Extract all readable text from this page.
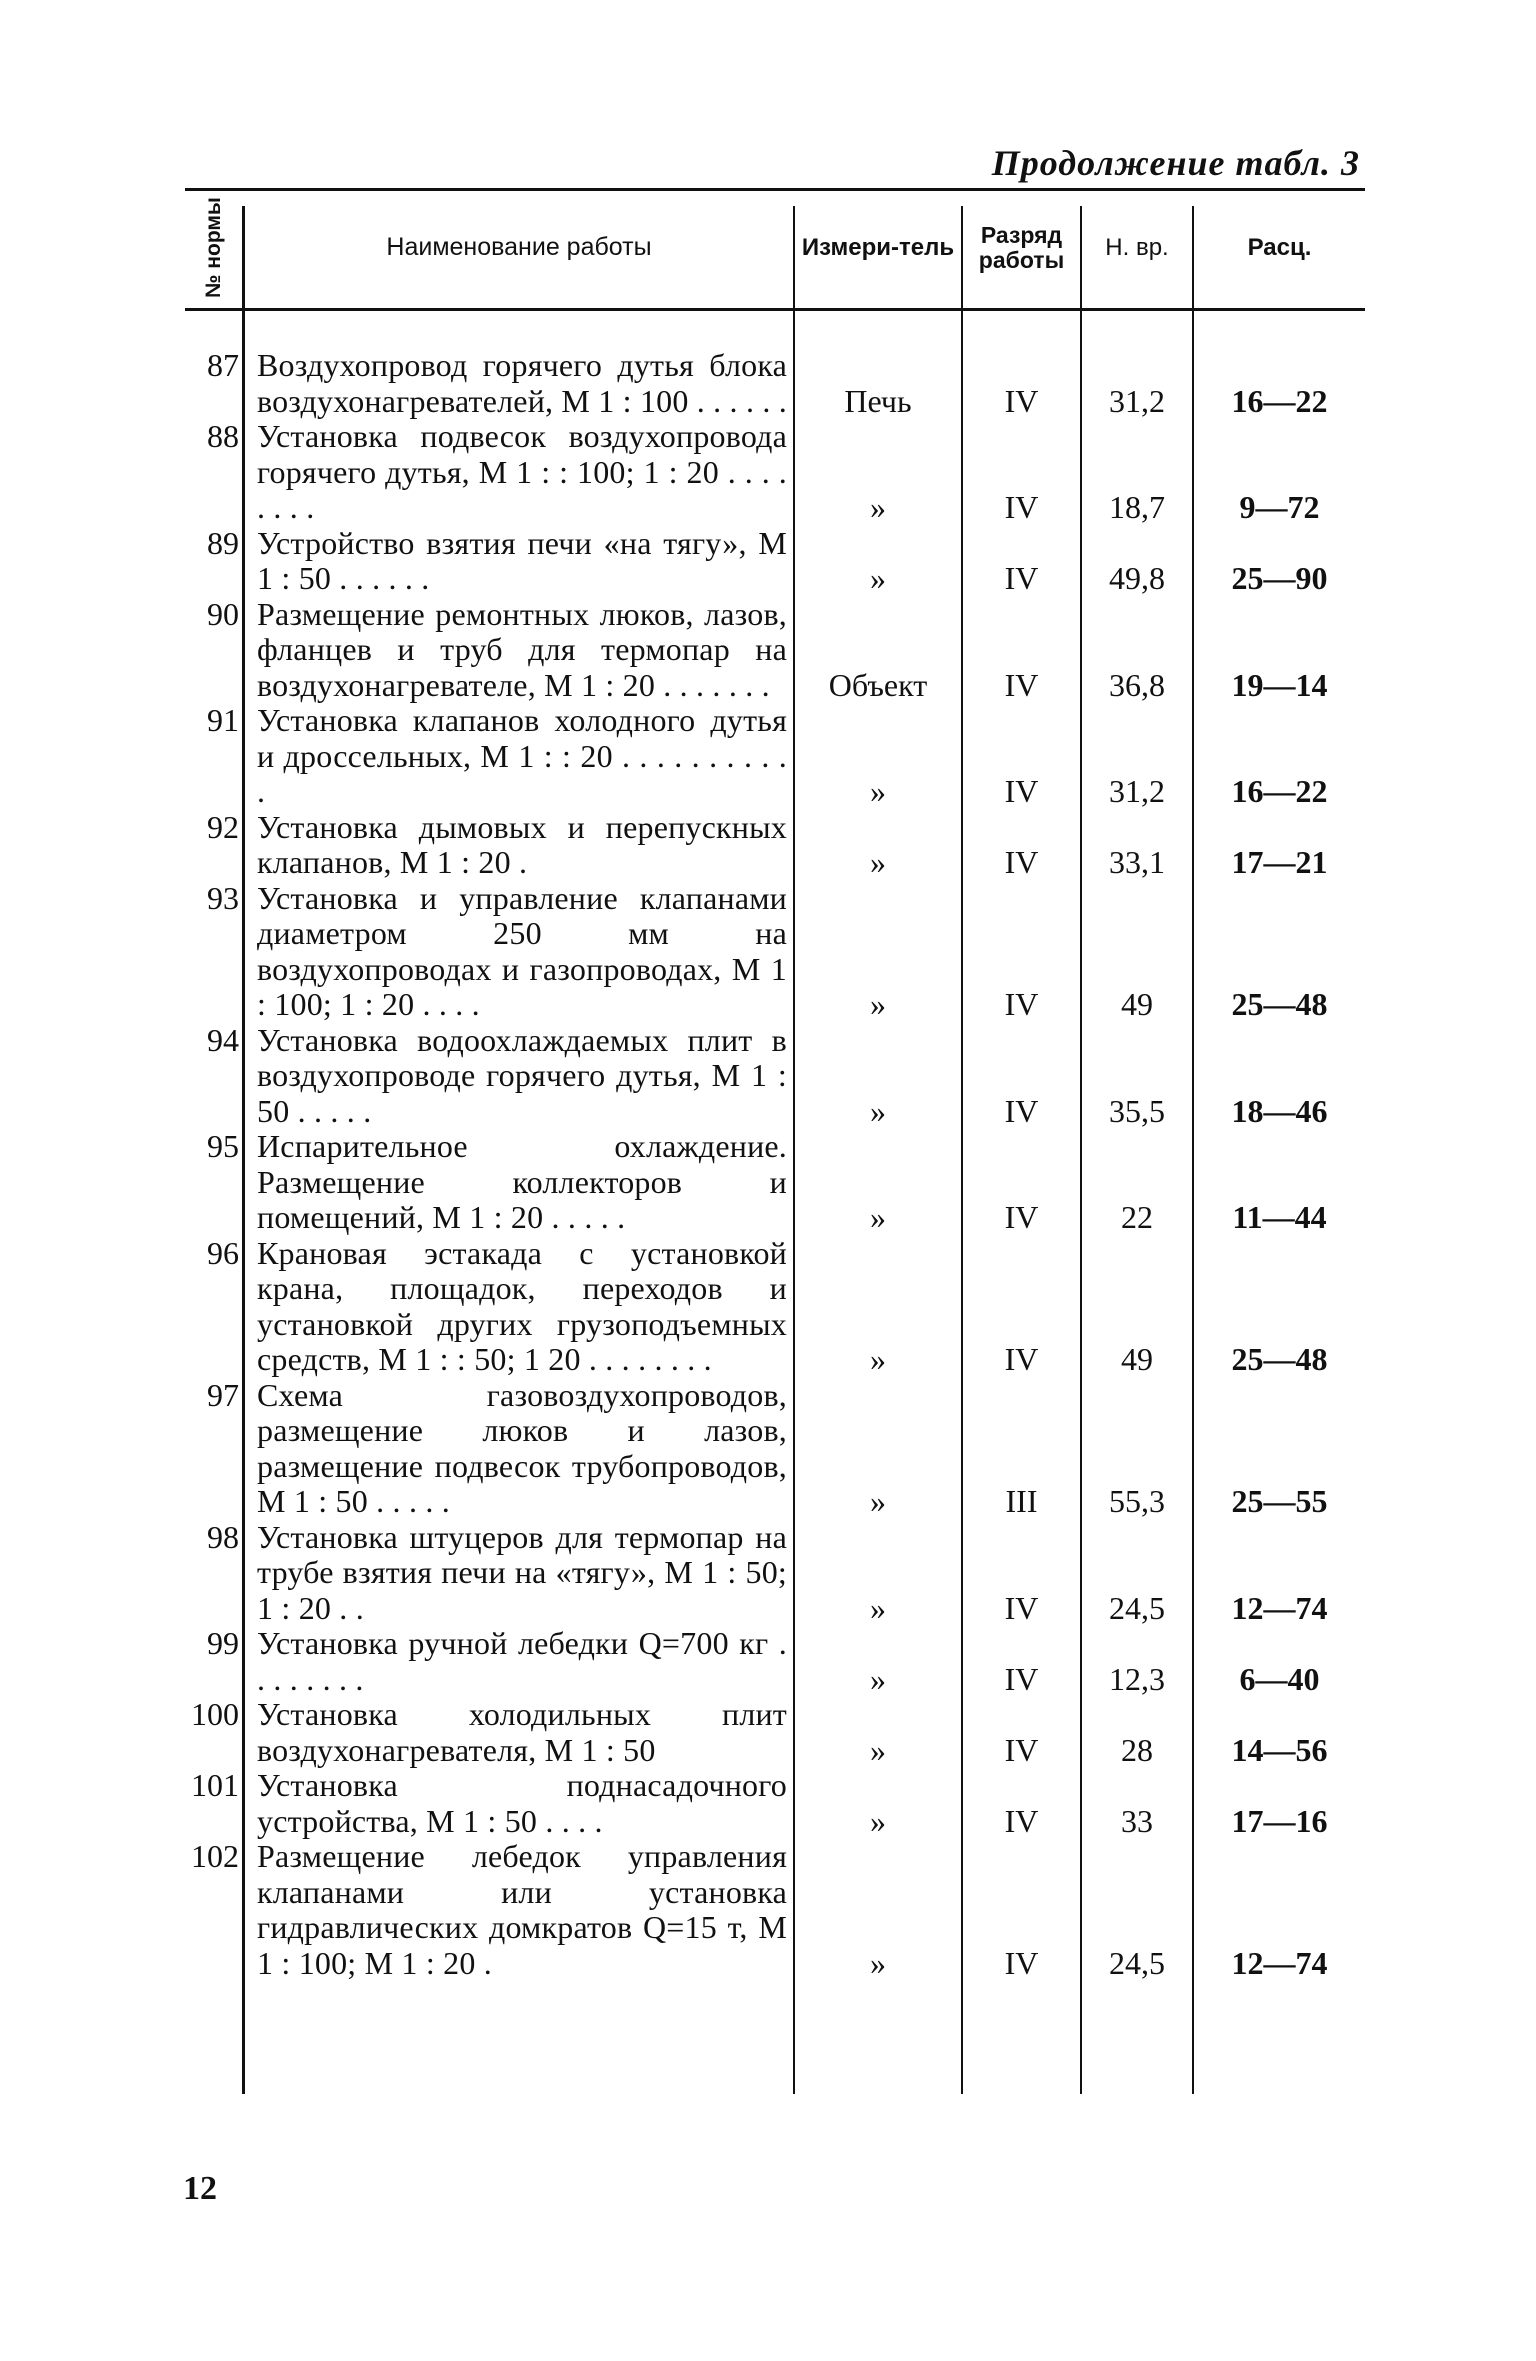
Продолжение табл. 3
№ нормы	Наименование работы	Измери-тель	Разряд работы	Н. вр.	Расц.
87 Воздухопровод горячего дутья блока воздухонагревателей, М 1 : 100 . . . . . .	Печь	IV	31,2	16—22
88 Установка подвесок воздухопровода горячего дутья, М 1 : : 100; 1 : 20 . . . . . . . .	»	IV	18,7	9—72
89 Устройство взятия печи «на тягу», М 1 : 50 . . . . . .	»	IV	49,8	25—90
90 Размещение ремонтных люков, лазов, фланцев и труб для термопар на воздухонагревателе, М 1 : 20 . . . . . . .	Объект	IV	36,8	19—14
91 Установка клапанов холодного дутья и дроссельных, М 1 : : 20 . . . . . . . . . . .	»	IV	31,2	16—22
92 Установка дымовых и перепускных клапанов, М 1 : 20 .	»	IV	33,1	17—21
93 Установка и управление клапанами диаметром 250 мм на воздухопроводах и газопроводах, М 1 : 100; 1 : 20 . . . .	»	IV	49	25—48
94 Установка водоохлаждаемых плит в воздухопроводе горячего дутья, М 1 : 50 . . . . .	»	IV	35,5	18—46
95 Испарительное охлаждение. Размещение коллекторов и помещений, М 1 : 20 . . . . .	»	IV	22	11—44
96 Крановая эстакада с установкой крана, площадок, переходов и установкой других грузоподъемных средств, М 1 : : 50; 1 20 . . . . . . . .	»	IV	49	25—48
97 Схема газовоздухопроводов, размещение люков и лазов, размещение подвесок трубопроводов, М 1 : 50 . . . . .	»	III	55,3	25—55
98 Установка штуцеров для термопар на трубе взятия печи на «тягу», М 1 : 50; 1 : 20 . .	»	IV	24,5	12—74
99 Установка ручной лебедки Q=700 кг . . . . . . . .	»	IV	12,3	6—40
100 Установка холодильных плит воздухонагревателя, М 1 : 50	»	IV	28	14—56
101 Установка поднасадочного устройства, М 1 : 50 . . . .	»	IV	33	17—16
102 Размещение лебедок управления клапанами или установка гидравлических домкратов Q=15 т, М 1 : 100; М 1 : 20 .	»	IV	24,5	12—74
12
